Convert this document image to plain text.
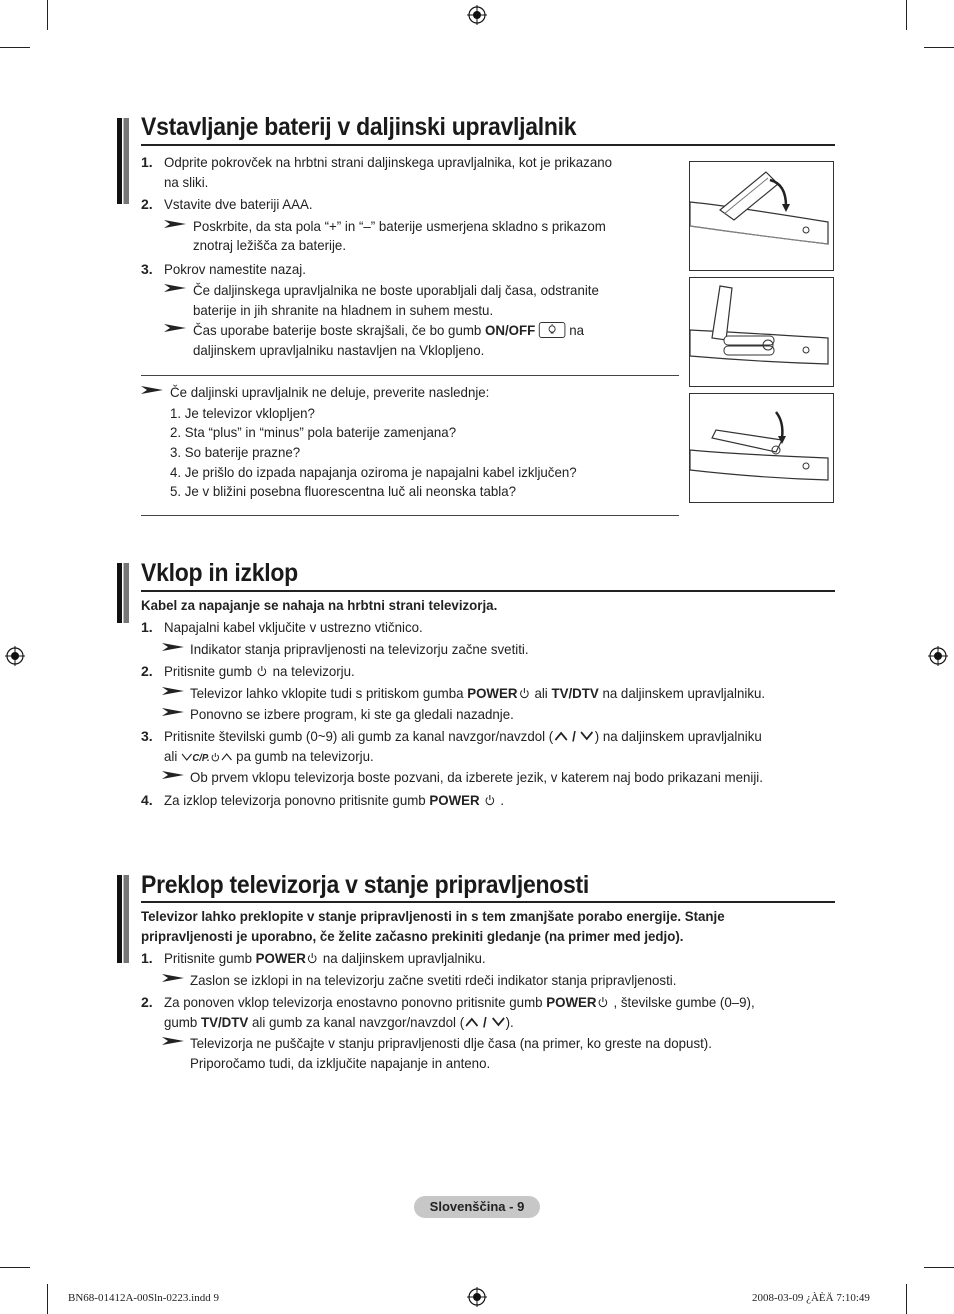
Vstavljanje baterij v daljinski upravljalnik
1. Odprite pokrovček na hrbtni strani daljinskega upravljalnika, kot je prikazano
na sliki.
2. Vstavite dve bateriji AAA.
Poskrbite, da sta pola “+” in “–” baterije usmerjena skladno s prikazom
znotraj ležišča za baterije.
3. Pokrov namestite nazaj.
Če daljinskega upravljalnika ne boste uporabljali dalj časa, odstranite
baterije in jih shranite na hladnem in suhem mestu.
Čas uporabe baterije boste skrajšali, če bo gumb ON/OFF  na
daljinskem upravljalniku nastavljen na Vklopljeno.
Če daljinski upravljalnik ne deluje, preverite naslednje:
1. Je televizor vklopljen?
2. Sta “plus” in “minus” pola baterije zamenjana?
3. So baterije prazne?
4. Je prišlo do izpada napajanja oziroma je napajalni kabel izklj​učen?
5. Je v bližini posebna fluorescentna luč ali neonska tabla?
Vklop in izklop
Kabel za napajanje se nahaja na hrbtni strani televizorja.
1. Napajalni kabel vključite v ustrezno vtičnico.
Indikator stanja pripravljenosti na televizorju začne svetiti.
2. Pritisnite gumb  na televizorju.
Televizor lahko vklopite tudi s pritiskom gumba POWER ali TV/DTV na daljinskem upravljalniku.
Ponovno se izbere program, ki ste ga gledali nazadnje.
3. Pritisnite številski gumb (0~9) ali gumb za kanal navzgor/navzdol ( / ) na daljinskem upravljalniku
ali C/P. pa gumb na televizorju.
Ob prvem vklopu televizorja boste pozvani, da izberete jezik, v katerem naj bodo prikazani meniji.
4. Za izklop televizorja ponovno pritisnite gumb POWER  .
Preklop televizorja v stanje pripravljenosti
Televizor lahko preklopite v stanje pripravljenosti in s tem zmanjšate porabo energije. Stanje
pripravljenosti je uporabno, če želite začasno prekiniti gledanje (na primer med jedjo).
1. Pritisnite gumb POWER na daljinskem upravljalniku.
Zaslon se izklopi in na televizorju začne svetiti rdeči indikator stanja pripravljenosti.
2. Za ponoven vklop televizorja enostavno ponovno pritisnite gumb POWER , številske gumbe (0–9),
gumb TV/DTV ali gumb za kanal navzgor/navzdol ( / ).
Televizorja ne puščajte v stanju pripravljenosti dlje časa (na primer, ko greste na dopust).
Priporočamo tudi, da izključite napajanje in anteno.
Slovenščina - 9
BN68-01412A-00Sln-0223.indd 9	2008-03-09 ¿ÀÈÄ 7:10:49
